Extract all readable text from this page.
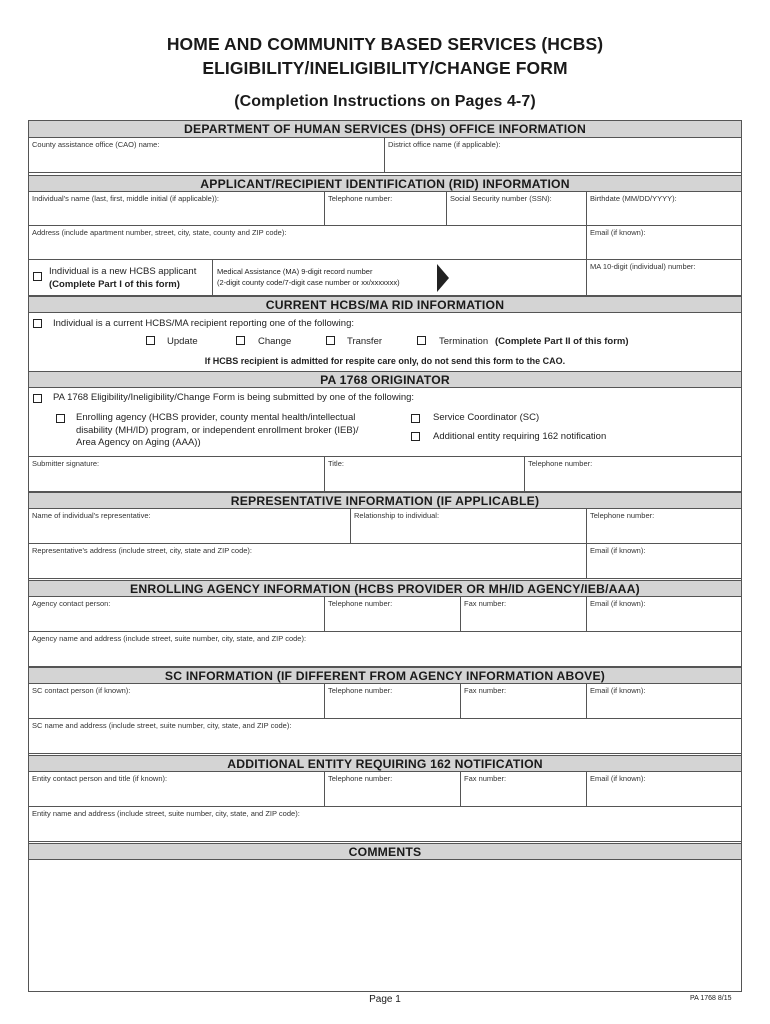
HOME AND COMMUNITY BASED SERVICES (HCBS)
ELIGIBILITY/INELIGIBILITY/CHANGE FORM
(Completion Instructions on Pages 4-7)
DEPARTMENT OF HUMAN SERVICES (DHS) OFFICE INFORMATION
County assistance office (CAO) name:	District office name (if applicable):
APPLICANT/RECIPIENT IDENTIFICATION (RID) INFORMATION
Individual's name (last, first, middle initial (if applicable)):	Telephone number:	Social Security number (SSN):	Birthdate (MM/DD/YYYY):
Address (include apartment number, street, city, state, county and ZIP code):	Email (if known):
Individual is a new HCBS applicant
(Complete Part I of this form)
Medical Assistance (MA) 9-digit record number
(2-digit county code/7-digit case number or xx/xxxxxxx)
MA 10-digit (individual) number:
CURRENT HCBS/MA RID INFORMATION
Individual is a current HCBS/MA recipient reporting one of the following:
Update	Change	Transfer	Termination (Complete Part II of this form)
If HCBS recipient is admitted for respite care only, do not send this form to the CAO.
PA 1768 ORIGINATOR
PA 1768 Eligibility/Ineligibility/Change Form is being submitted by one of the following:
Enrolling agency (HCBS provider, county mental health/intellectual
disability (MH/ID) program, or independent enrollment broker (IEB)/
Area Agency on Aging (AAA))
Service Coordinator (SC)
Additional entity requiring 162 notification
Submitter signature:	Title:	Telephone number:
REPRESENTATIVE INFORMATION (IF APPLICABLE)
Name of individual's representative:	Relationship to individual:	Telephone number:
Representative's address (include street, city, state and ZIP code):	Email (if known):
ENROLLING AGENCY INFORMATION (HCBS PROVIDER OR MH/ID AGENCY/IEB/AAA)
Agency contact person:	Telephone number:	Fax number:	Email (if known):
Agency name and address (include street, suite number, city, state, and ZIP code):
SC INFORMATION (IF DIFFERENT FROM AGENCY INFORMATION ABOVE)
SC contact person (if known):	Telephone number:	Fax number:	Email (if known):
SC name and address (include street, suite number, city, state, and ZIP code):
ADDITIONAL ENTITY REQUIRING 162 NOTIFICATION
Entity contact person and title (if known):	Telephone number:	Fax number:	Email (if known):
Entity name and address (include street, suite number, city, state, and ZIP code):
COMMENTS
Page 1	PA 1768 8/15
